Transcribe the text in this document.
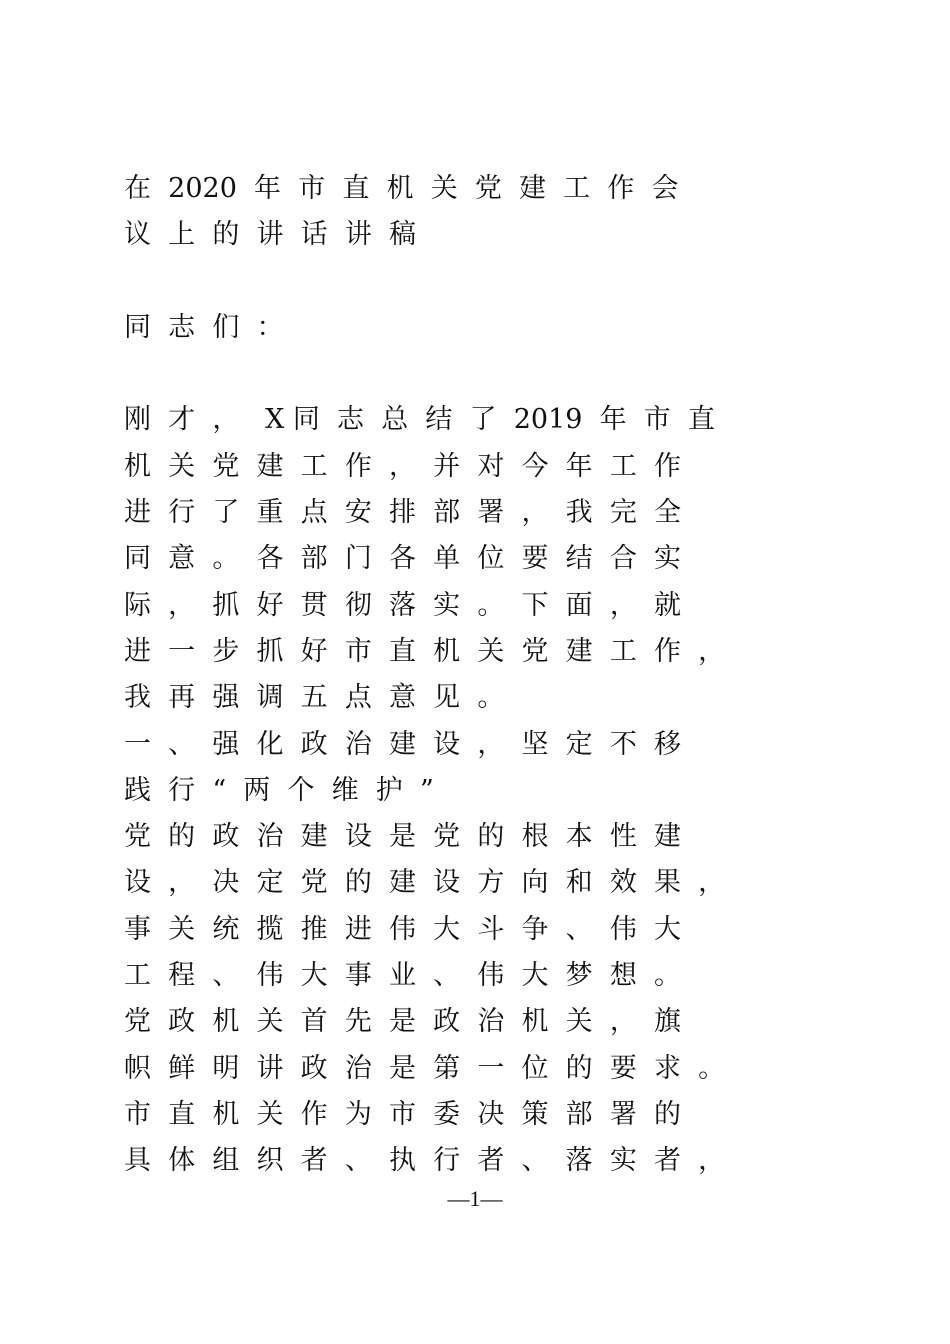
在  2020  年  市  直  机  关  党  建  工  作  会
议  上  的  讲  话  讲  稿
同  志  们  ：
刚  才  ，   X 同  志  总  结  了  2019  年  市  直
机  关  党  建  工  作  ，  并  对  今  年  工  作
进  行  了  重  点  安  排  部  署  ，  我  完  全
同  意  。  各  部  门  各  单  位  要  结  合  实
际  ，  抓  好  贯  彻  落  实  。  下  面  ，  就
进  一  步  抓  好  市  直  机  关  党  建  工  作  ，
我  再  强  调  五  点  意  见  。
一  、  强  化  政  治  建  设  ，  坚  定  不  移
践  行  “  两  个  维  护  ”
党  的  政  治  建  设  是  党  的  根  本  性  建
设  ，  决  定  党  的  建  设  方  向  和  效  果  ，
事  关  统  揽  推  进  伟  大  斗  争  、  伟  大
工  程  、  伟  大  事  业  、  伟  大  梦  想  。
党  政  机  关  首  先  是  政  治  机  关  ，  旗
帜  鲜  明  讲  政  治  是  第  一  位  的  要  求  。
市  直  机  关  作  为  市  委  决  策  部  署  的
具  体  组  织  者  、  执  行  者  、  落  实  者  ，
—1—
